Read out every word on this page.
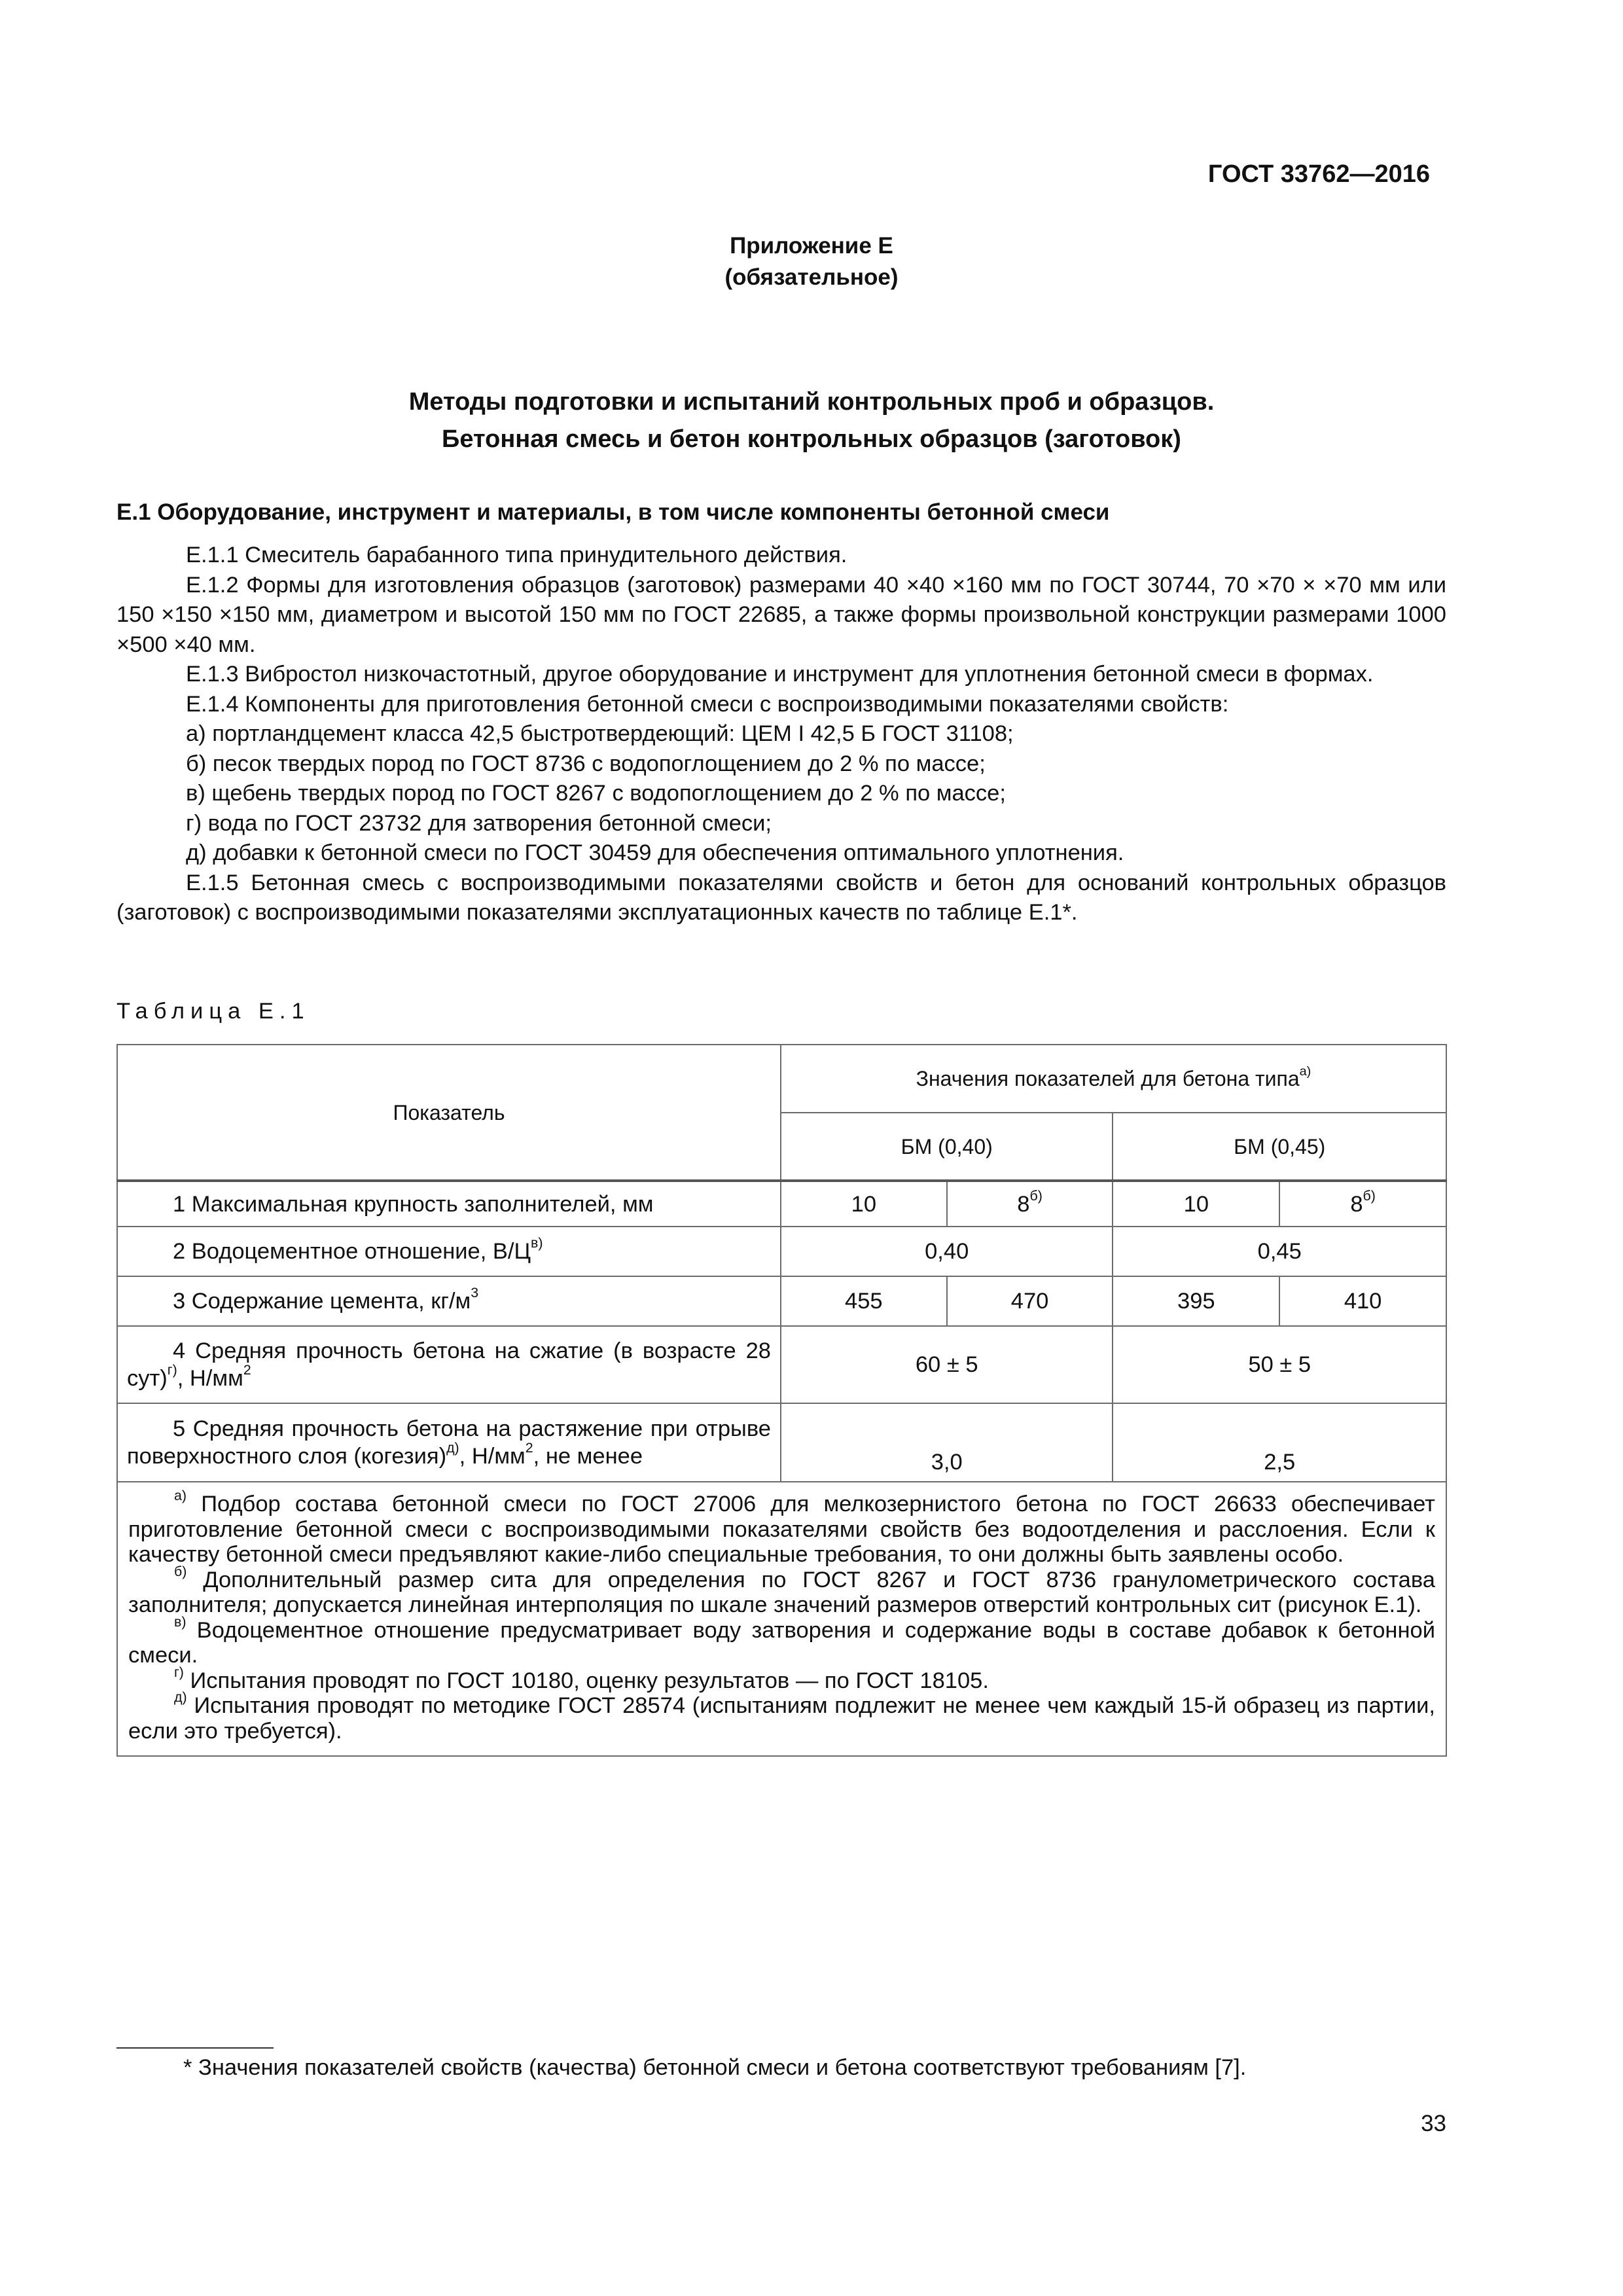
ГОСТ 33762—2016
Приложение Е
(обязательное)
Методы подготовки и испытаний контрольных проб и образцов.
Бетонная смесь и бетон контрольных образцов (заготовок)
Е.1 Оборудование, инструмент и материалы, в том числе компоненты бетонной смеси

Е.1.1 Смеситель барабанного типа принудительного действия.

Е.1.2 Формы для изготовления образцов (заготовок) размерами 40 ×40 ×160 мм по ГОСТ 30744, 70 ×70 × ×70 мм или 150 ×150 ×150 мм, диаметром и высотой 150 мм по ГОСТ 22685, а также формы произвольной конструкции размерами 1000 ×500 ×40 мм.

Е.1.3 Вибростол низкочастотный, другое оборудование и инструмент для уплотнения бетонной смеси в формах.

Е.1.4 Компоненты для приготовления бетонной смеси с воспроизводимыми показателями свойств:

а) портландцемент класса 42,5 быстротвердеющий: ЦЕМ I 42,5 Б ГОСТ 31108;

б) песок твердых пород по ГОСТ 8736 с водопоглощением до 2 % по массе;

в) щебень твердых пород по ГОСТ 8267 с водопоглощением до 2 % по массе;

г) вода по ГОСТ 23732 для затворения бетонной смеси;

д) добавки к бетонной смеси по ГОСТ 30459 для обеспечения оптимального уплотнения.

Е.1.5 Бетонная смесь с воспроизводимыми показателями свойств и бетон для оснований контрольных образцов (заготовок) с воспроизводимыми показателями эксплуатационных качеств по таблице Е.1*.

Таблица Е.1
Показатель	Значения показателей для бетона типа$^{а)}$
	БМ (0,40)		БМ (0,45)	

1 Максимальная крупность заполнителей, мм	10	$8^{б)}$	10	$8^{б)}$

2 Водоцементное отношение, $В/Ц^{в)}$	0,40		0,45	

3 Содержание цемента, $кг/м^3$	455	470	395	410

4 Средняя прочность бетона на сжатие (в возрасте 28 сут)$^{г)}$, $Н/мм^2$	60 ± 5		50 ± 5	

5 Средняя прочность бетона на растяжение при отрыве поверхностного слоя (когезия)$^{д)}$, $Н/мм^2$, не менее	3,0		2,5	

$^{а)}$ Подбор состава бетонной смеси по ГОСТ 27006 для мелкозернистого бетона по ГОСТ 26633 обеспечивает приготовление бетонной смеси с воспроизводимыми показателями свойств без водоотделения и расслоения. Если к качеству бетонной смеси предъявляют какие-либо специальные требования, то они должны быть заявлены особо.

$^{б)}$ Дополнительный размер сита для определения по ГОСТ 8267 и ГОСТ 8736 гранулометрического состава заполнителя; допускается линейная интерполяция по шкале значений размеров отверстий контрольных сит (рисунок Е.1).

$^{в)}$ Водоцементное отношение предусматривает воду затворения и содержание воды в составе добавок к бетонной смеси.

$^{г)}$ Испытания проводят по ГОСТ 10180, оценку результатов — по ГОСТ 18105.

$^{д)}$ Испытания проводят по методике ГОСТ 28574 (испытаниям подлежит не менее чем каждый 15-й образец из партии, если это требуется).				

* Значения показателей свойств (качества) бетонной смеси и бетона соответствуют требованиям [7].
33
